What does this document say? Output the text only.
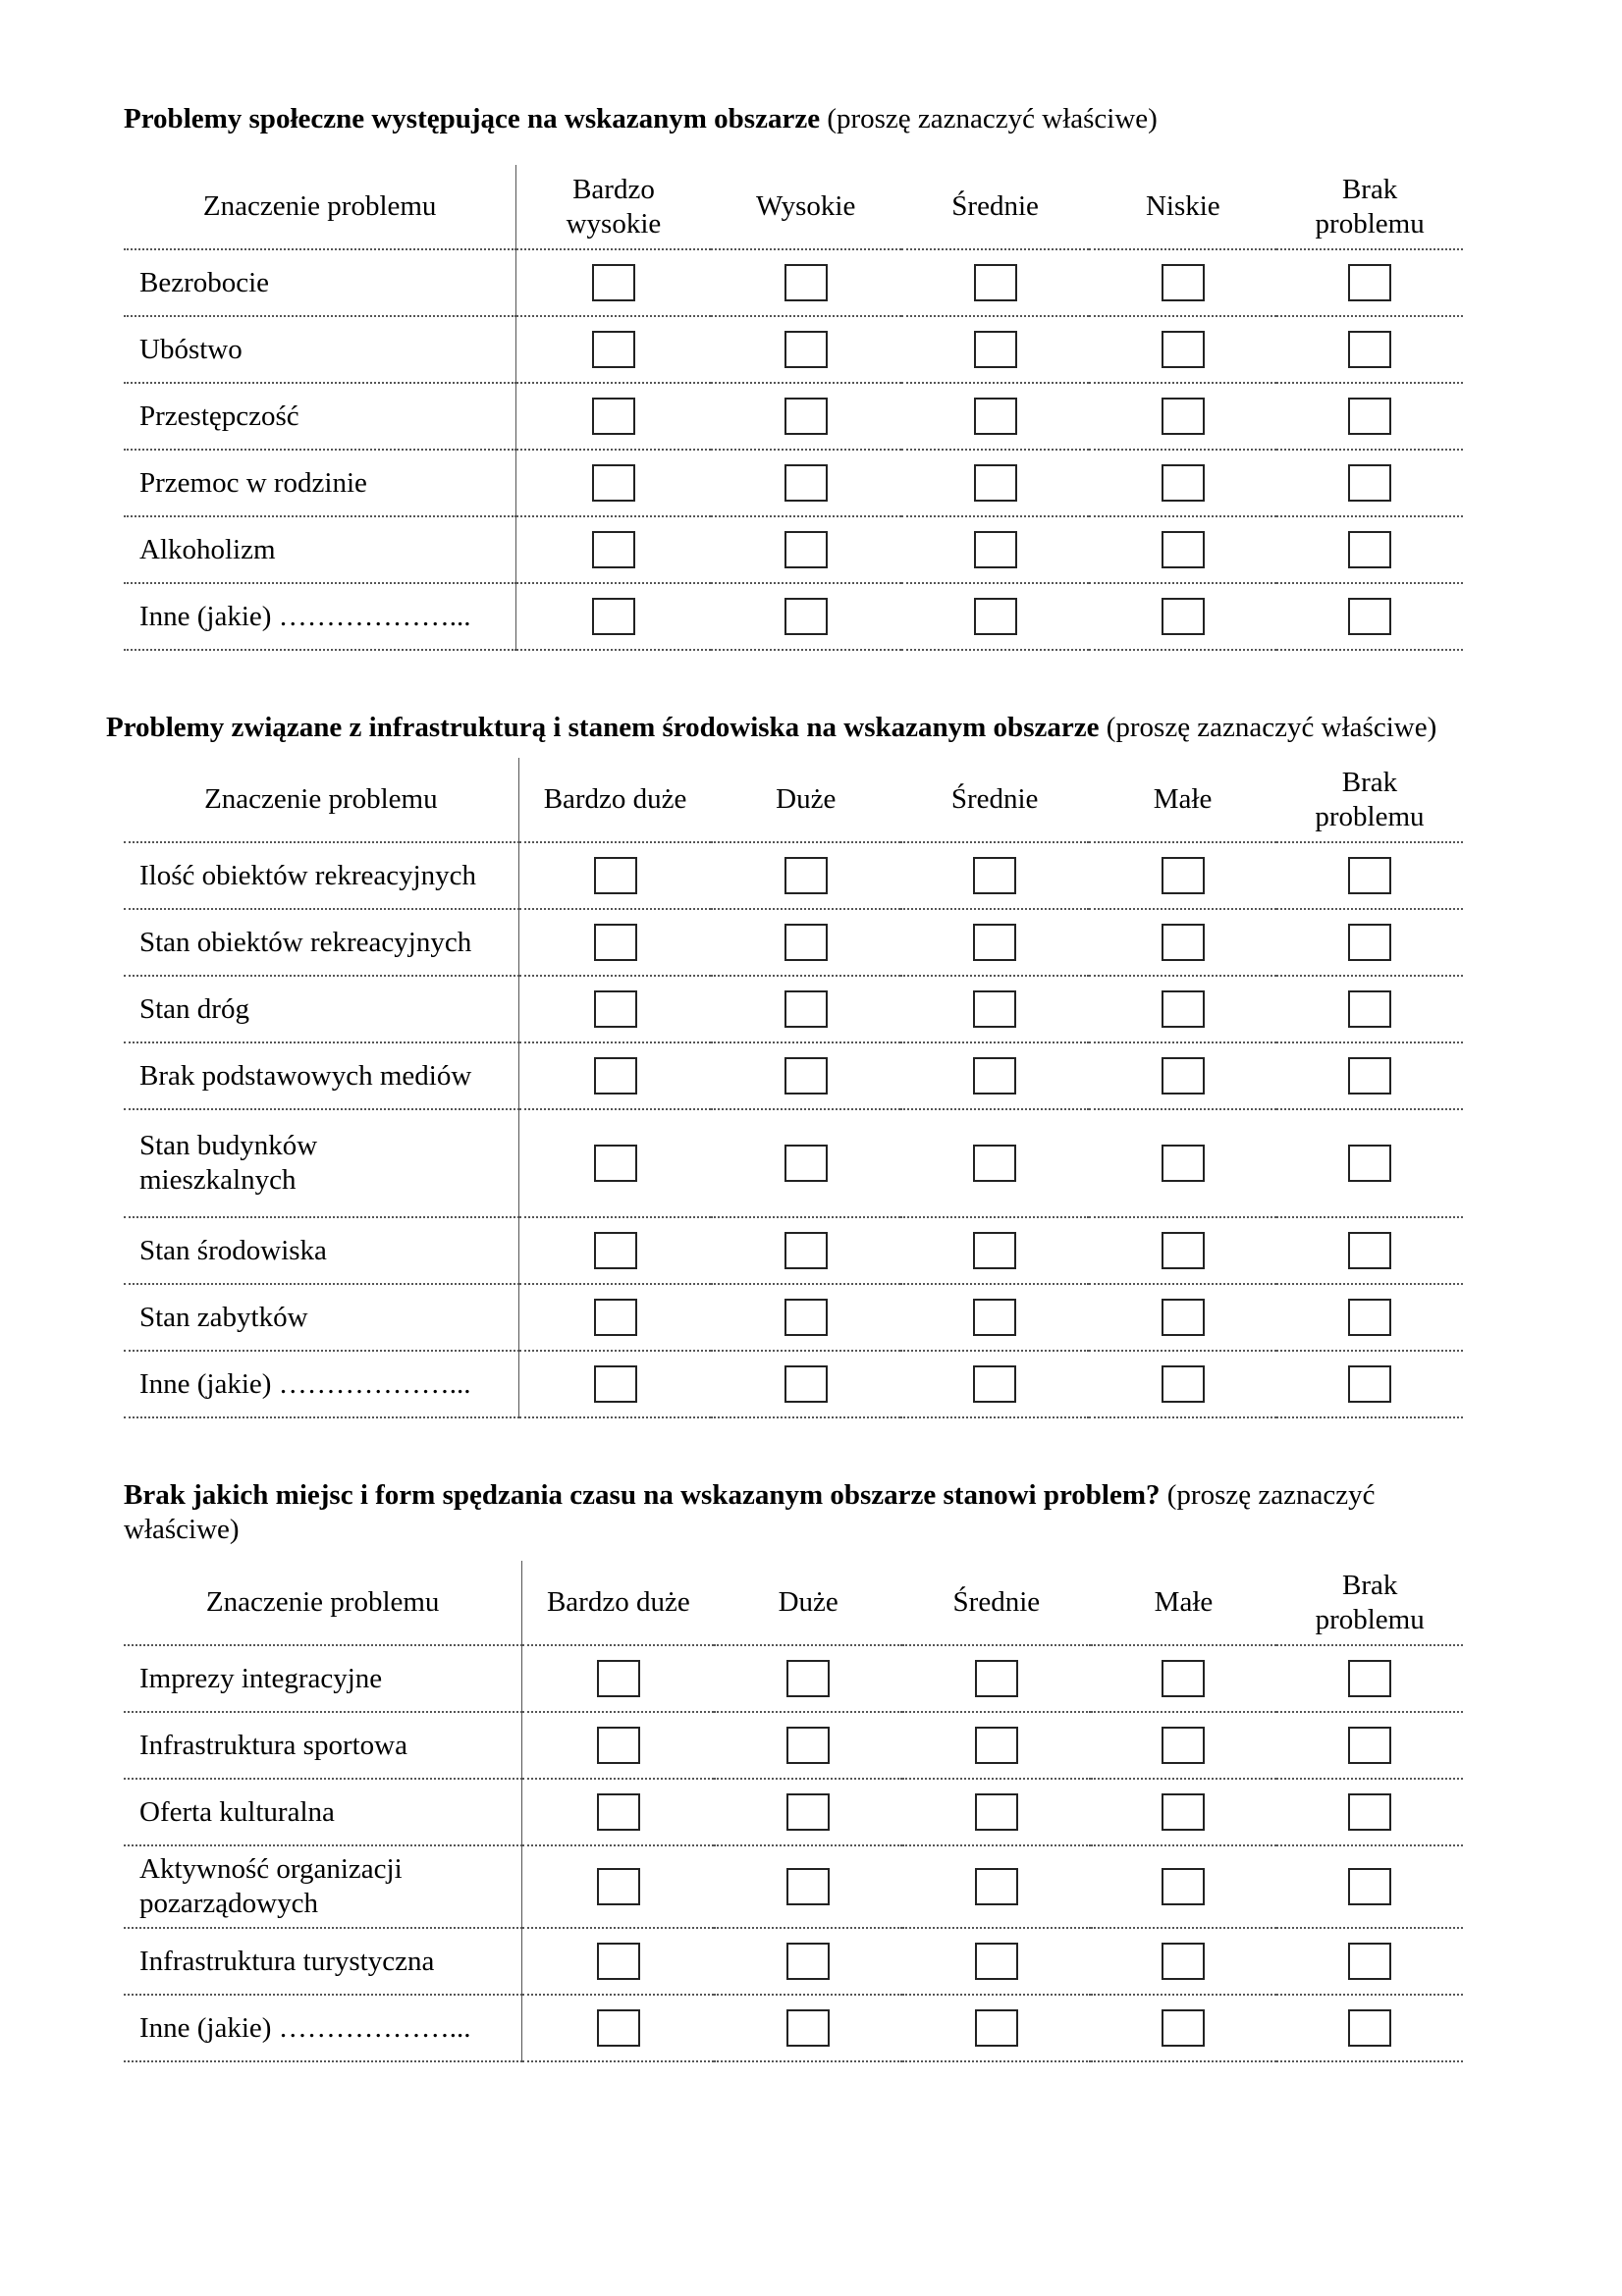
Problemy społeczne występujące na wskazanym obszarze (proszę zaznaczyć właściwe)

Znaczenie problemu	Bardzo wysokie	Wysokie	Średnie	Niskie	Brak problemu
Bezrobocie					
Ubóstwo					
Przestępczość					
Przemoc w rodzinie					
Alkoholizm					
Inne (jakie) ………………...					

Problemy związane z infrastrukturą i stanem środowiska na wskazanym obszarze (proszę zaznaczyć właściwe)

Znaczenie problemu	Bardzo duże	Duże	Średnie	Małe	Brak problemu
Ilość obiektów rekreacyjnych					
Stan obiektów rekreacyjnych					
Stan dróg					
Brak podstawowych mediów					
Stan budynków mieszkalnych					
Stan środowiska					
Stan zabytków					
Inne (jakie) ………………...					

Brak jakich miejsc i form spędzania czasu na wskazanym obszarze stanowi problem? (proszę zaznaczyć właściwe)

Znaczenie problemu	Bardzo duże	Duże	Średnie	Małe	Brak problemu
Imprezy integracyjne					
Infrastruktura sportowa					
Oferta kulturalna					
Aktywność organizacji pozarządowych					
Infrastruktura turystyczna					
Inne (jakie) ………………...					
